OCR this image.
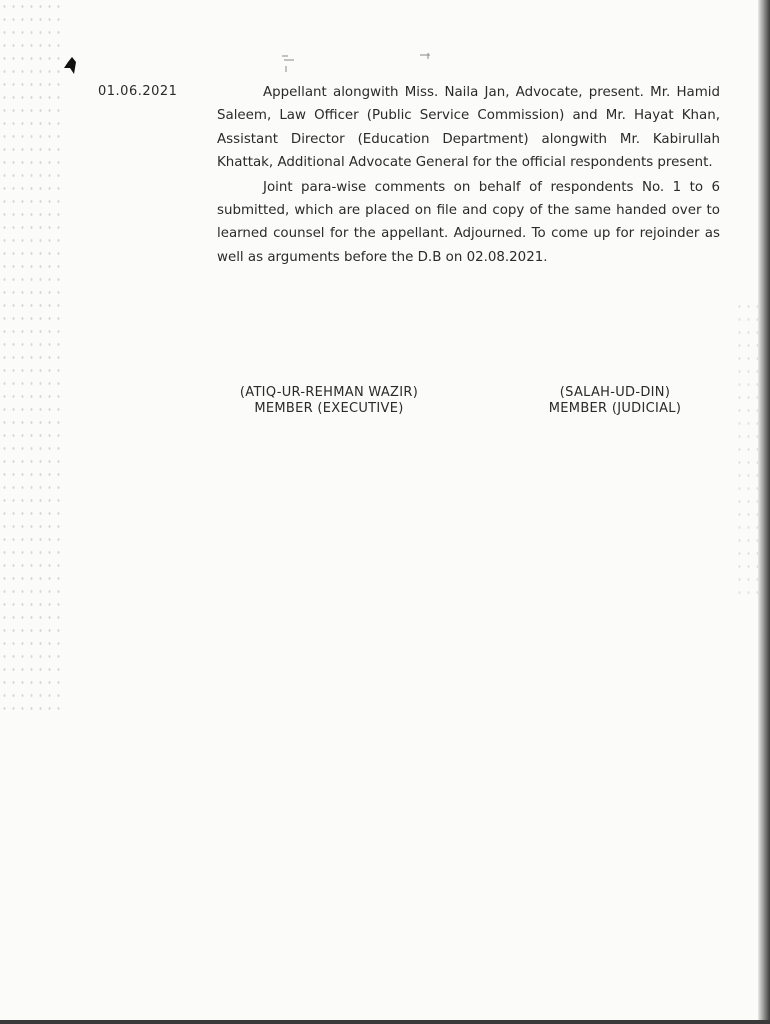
01.06.2021	Appellant alongwith Miss. Naila Jan, Advocate, present. Mr. Hamid Saleem, Law Officer (Public Service Commission) and Mr. Hayat Khan, Assistant Director (Education Department) alongwith Mr. Kabirullah Khattak, Additional Advocate General for the official respondents present.

Joint para-wise comments on behalf of respondents No. 1 to 6 submitted, which are placed on file and copy of the same handed over to learned counsel for the appellant. Adjourned. To come up for rejoinder as well as arguments before the D.B on 02.08.2021.

(ATIQ-UR-REHMAN WAZIR)
MEMBER (EXECUTIVE)
(SALAH-UD-DIN)
MEMBER (JUDICIAL)
